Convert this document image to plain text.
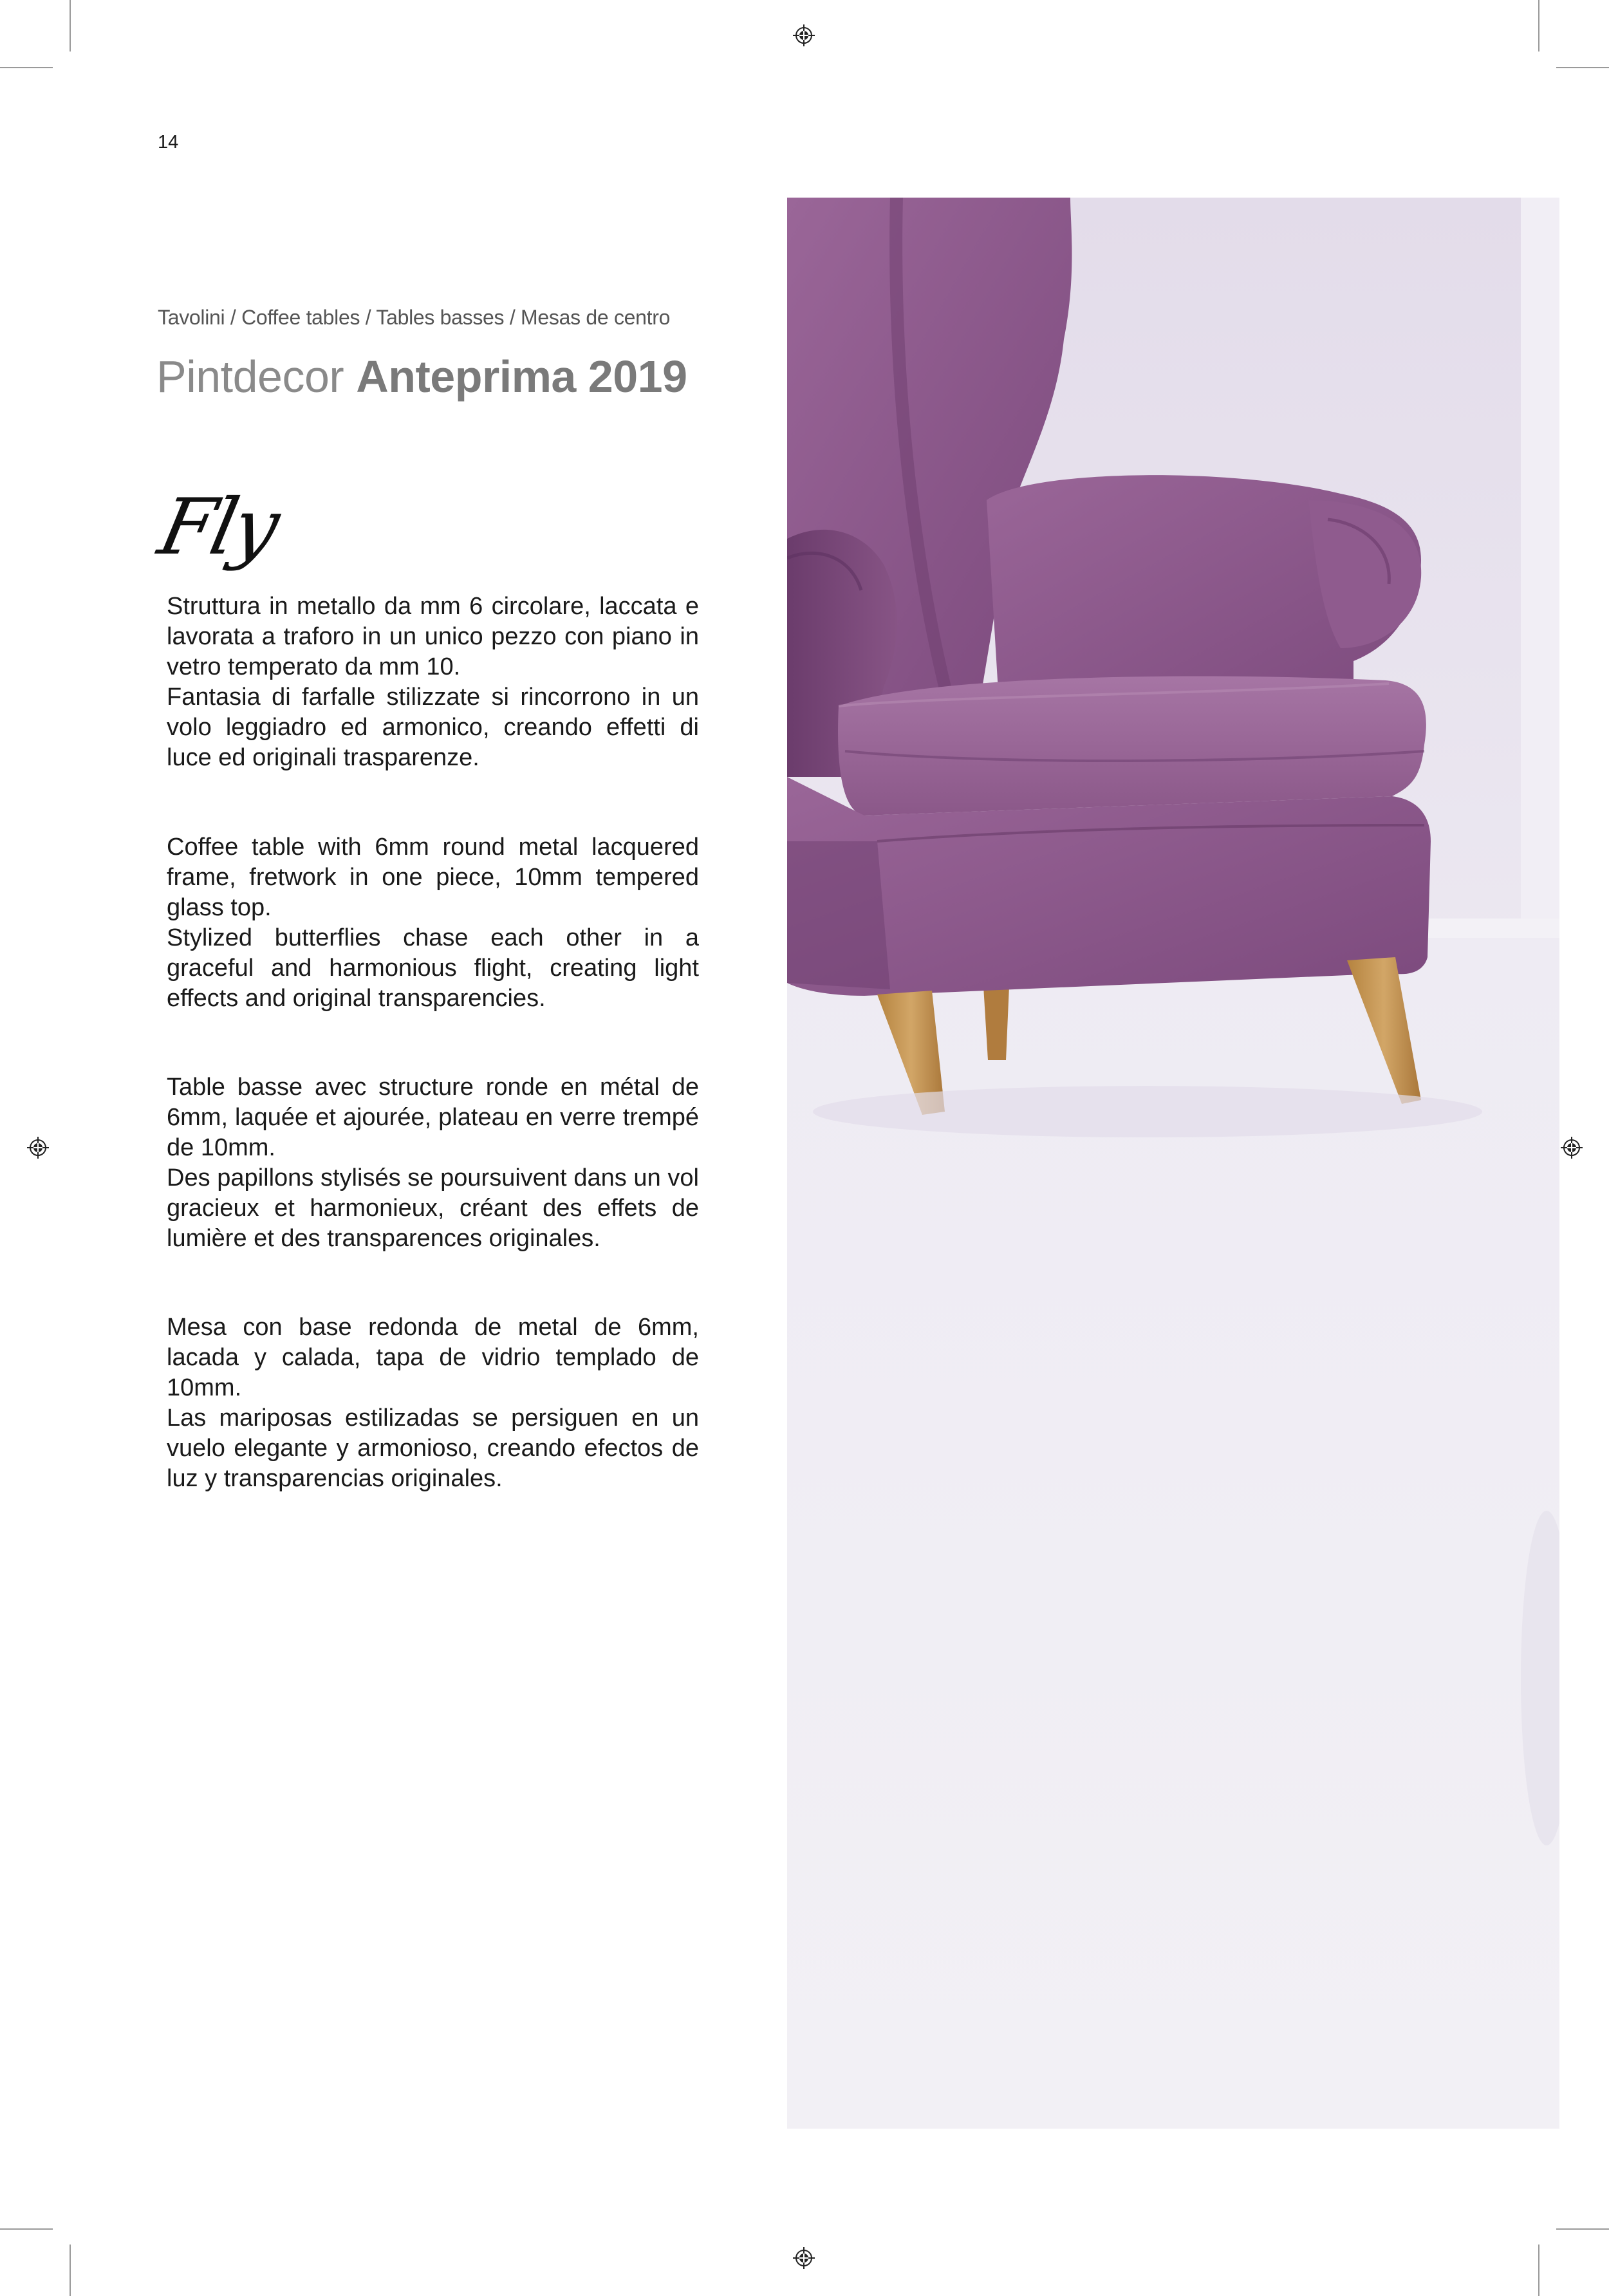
14
Tavolini / Coffee tables / Tables basses / Mesas de centro
Pintdecor Anteprima 2019
Fly

Struttura in metallo da mm 6 circolare, laccata e lavorata a traforo in un unico pezzo con piano in vetro temperato da mm 10.

Fantasia di farfalle stilizzate si rincorrono in un volo leggiadro ed armonico, creando effetti di luce ed originali trasparenze.

Coffee table with 6mm round metal lacquered frame, fretwork in one piece, 10mm tempered glass top.

Stylized butterflies chase each other in a graceful and harmonious flight, creating light effects and original transparencies.

Table basse avec structure ronde en métal de 6mm, laquée et ajourée, plateau en verre trempé de 10mm.

Des papillons stylisés se poursuivent dans un vol gracieux et harmonieux, créant des effets de lumière et des transparences originales.

Mesa con base redonda de metal de 6mm, lacada y calada, tapa de vidrio templado de 10mm.

Las mariposas estilizadas se persiguen en un vuelo elegante y armonioso, creando efectos de luz y transparencias originales.
